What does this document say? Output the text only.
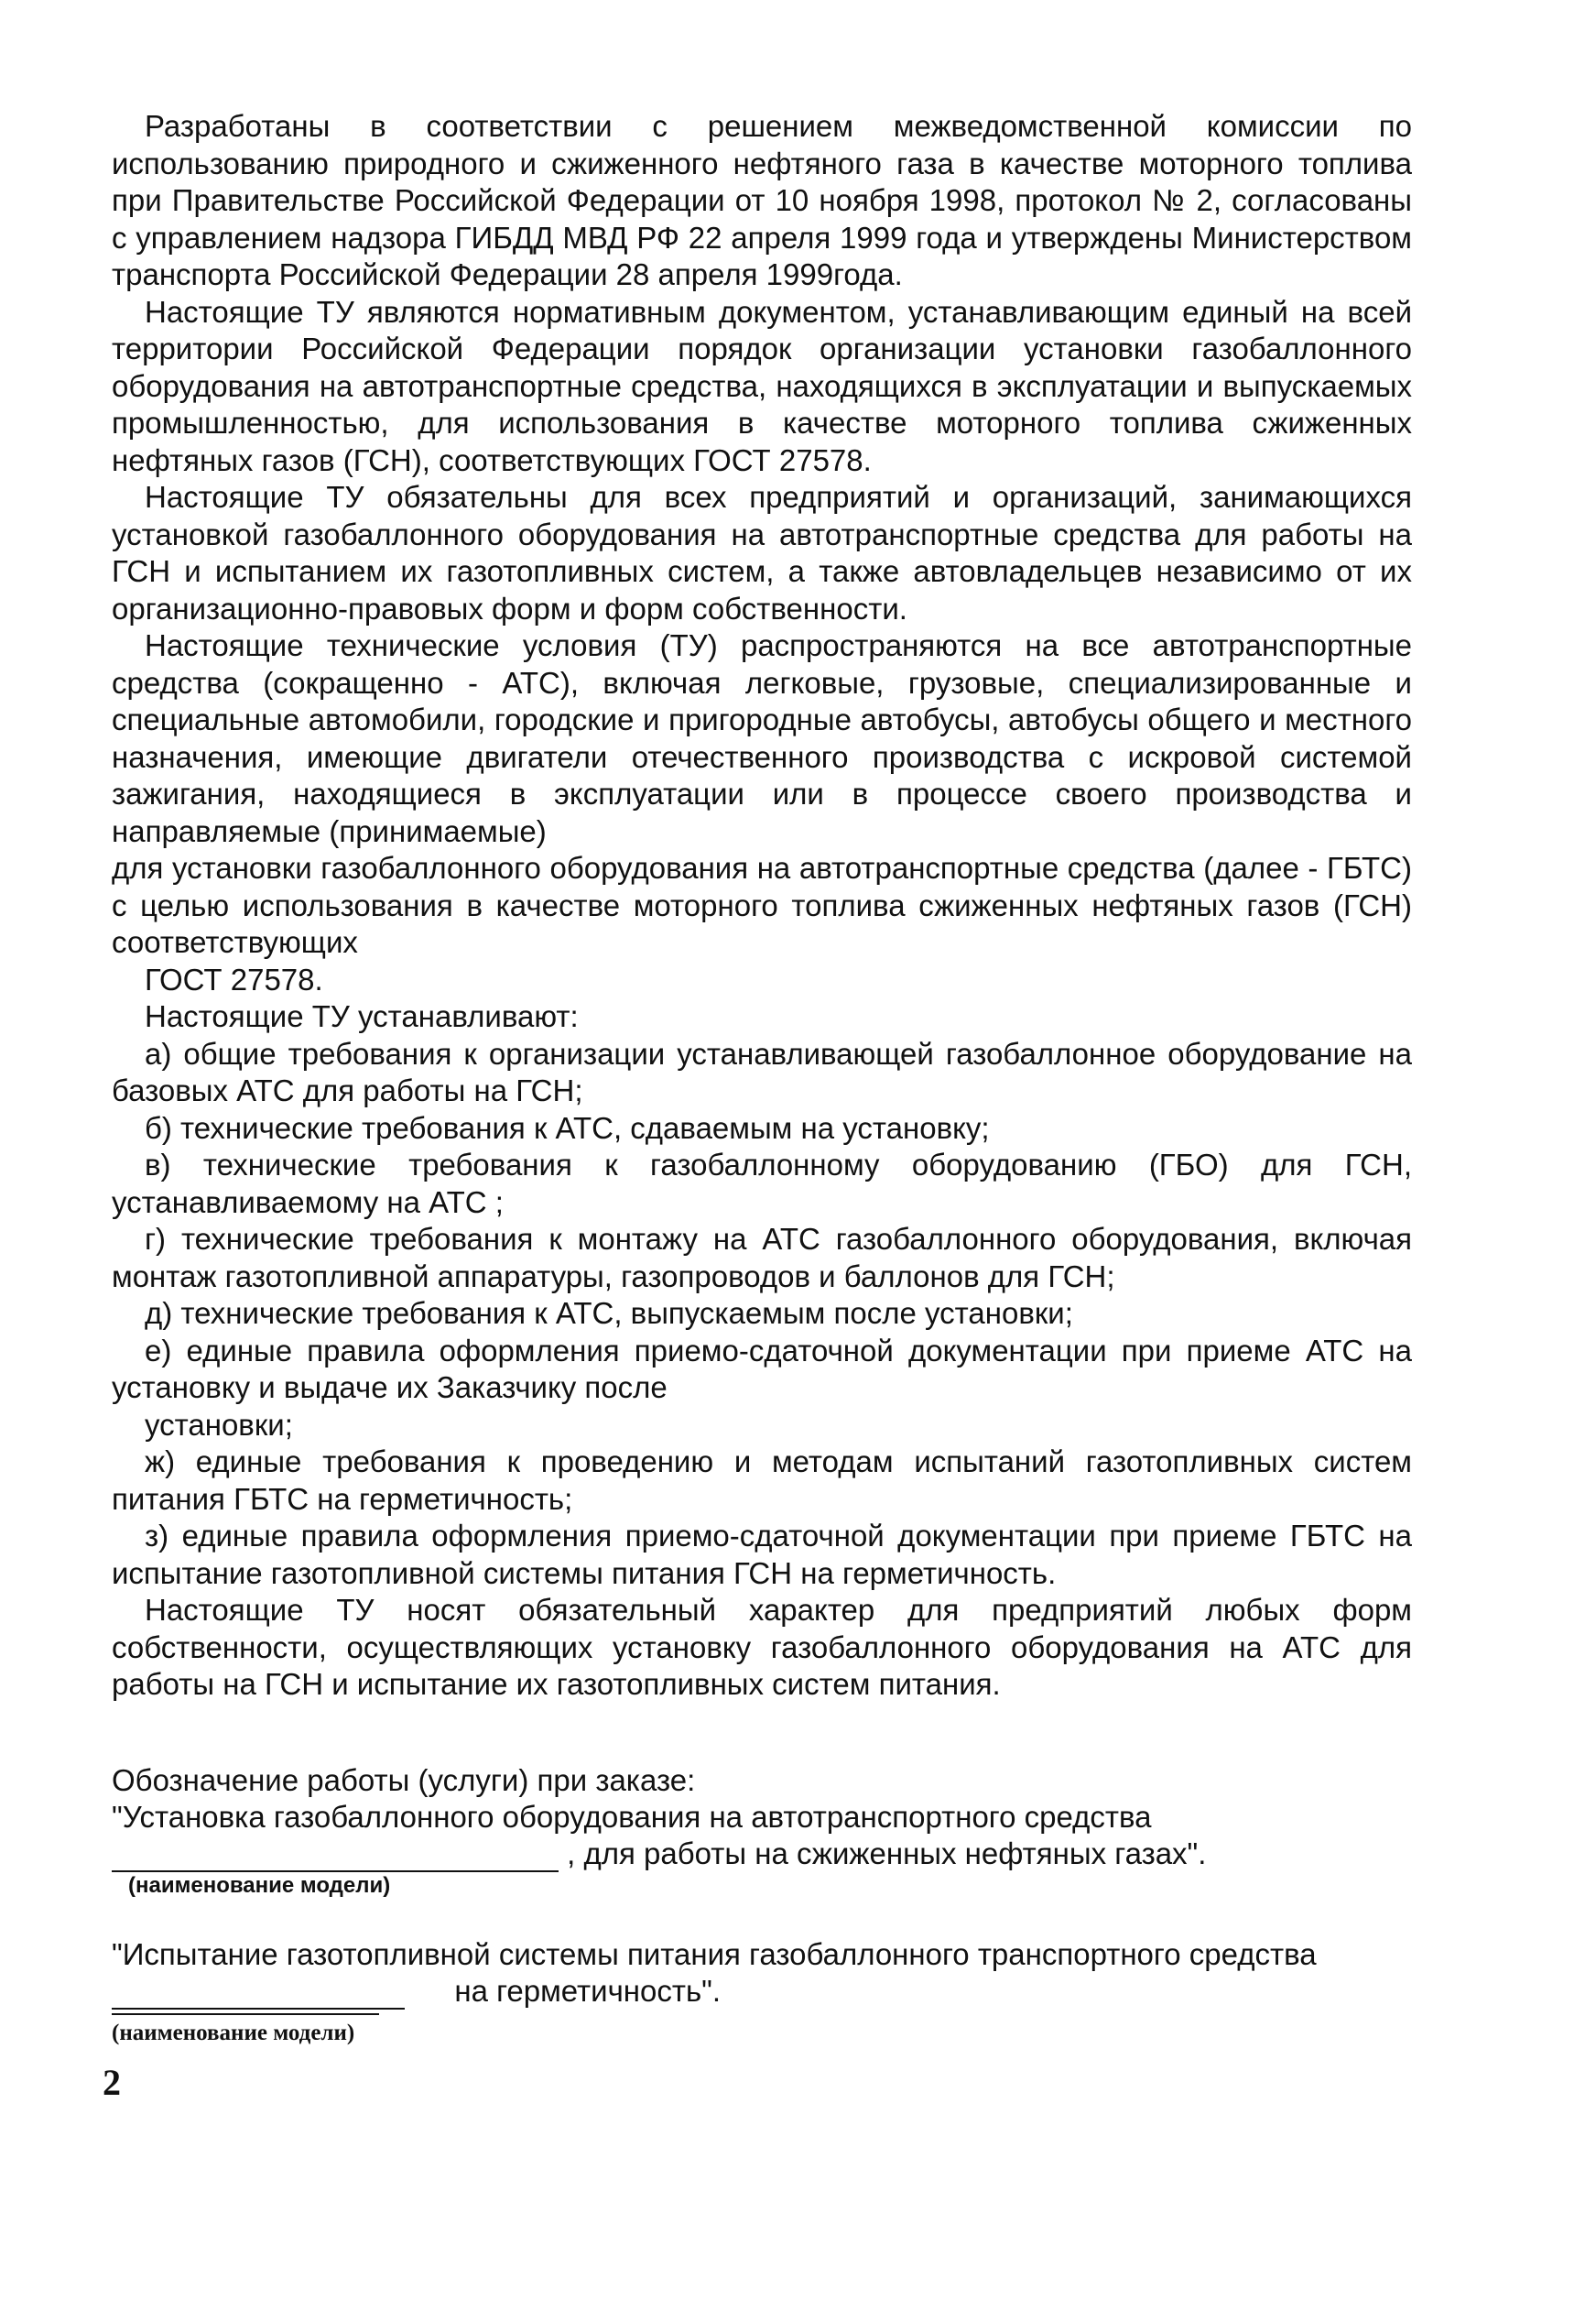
Разработаны в соответствии с решением межведомственной комиссии по использованию природного и сжиженного нефтяного газа в качестве моторного топлива при Правительстве Российской Федерации от 10 ноября 1998, протокол № 2, согласованы с управлением надзора ГИБДД МВД РФ 22 апреля 1999 года и утверждены Министерством транспорта Российской Федерации 28 апреля 1999года.

Настоящие ТУ являются нормативным документом, устанавливающим единый на всей территории Российской Федерации порядок организации установки газобаллонного оборудования на автотранспортные средства, находящихся в эксплуатации и выпускаемых промышленностью, для использования в качестве моторного топлива сжиженных нефтяных газов (ГСН), соответствующих ГОСТ 27578.

Настоящие ТУ обязательны для всех предприятий и организаций, занимающихся установкой газобаллонного оборудования на автотранспортные средства для работы на ГСН и испытанием их газотопливных систем, а также автовладельцев независимо от их организационно-правовых форм и форм собственности.

Настоящие технические условия (ТУ) распространяются на все автотранспортные средства (сокращенно - АТС), включая легковые, грузовые, специализированные и специальные автомобили, городские и пригородные автобусы, автобусы общего и местного назначения, имеющие двигатели отечественного производства с искровой системой зажигания, находящиеся в эксплуатации или в процессе своего производства и направляемые (принимаемые)

для установки газобаллонного оборудования на автотранспортные средства (далее - ГБТС) с целью использования в качестве моторного топлива сжиженных нефтяных газов (ГСН) соответствующих

ГОСТ 27578.

Настоящие ТУ устанавливают:

а) общие требования к организации устанавливающей газобаллонное оборудование на базовых АТС для работы на ГСН;

б) технические требования к АТС, сдаваемым на установку;

в) технические требования к газобаллонному оборудованию (ГБО) для ГСН, устанавливаемому на АТС ;

г) технические требования к монтажу на АТС газобаллонного оборудования, включая монтаж газотопливной аппаратуры, газопроводов и баллонов для ГСН;

д) технические требования к АТС, выпускаемым после установки;

е) единые правила оформления приемо-сдаточной документации при приеме АТС на установку и выдаче их Заказчику после

установки;

ж) единые требования к проведению и методам испытаний газотопливных систем питания ГБТС на герметичность;

з) единые правила оформления приемо-сдаточной документации при приеме ГБТС на испытание газотопливной системы питания ГСН на герметичность.

Настоящие ТУ носят обязательный характер для предприятий любых форм собственности, осуществляющих установку газобаллонного оборудования на АТС для работы на ГСН и испытание их газотопливных систем питания.

Обозначение работы (услуги) при заказе:
"Установка газобаллонного оборудования на автотранспортного средства
, для работы на сжиженных нефтяных газах".
(наименование модели)
"Испытание газотопливной системы питания газобаллонного транспортного средства
на герметичность".
(наименование модели)
2
